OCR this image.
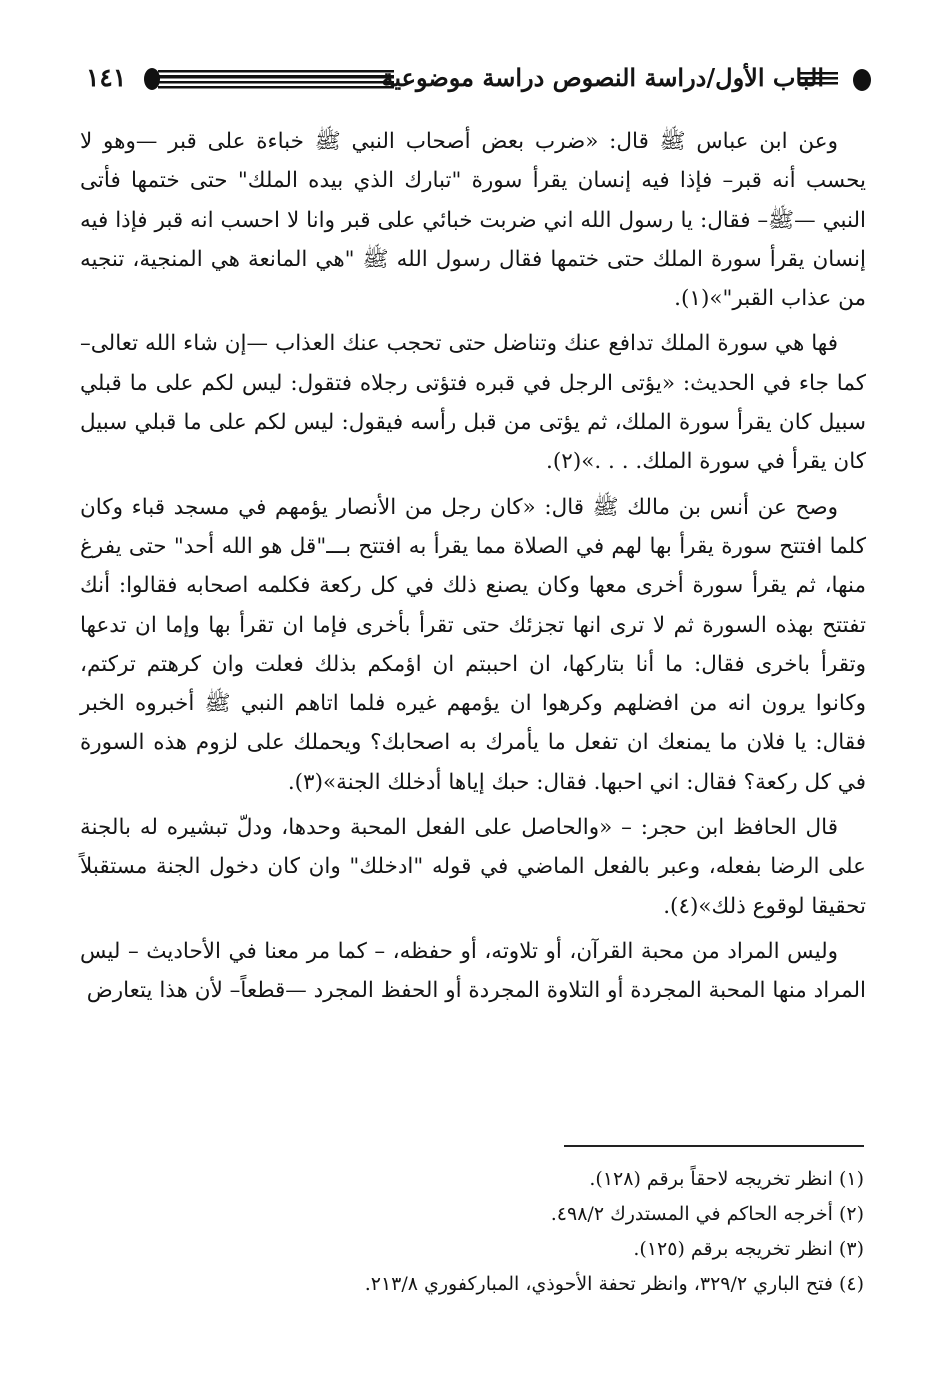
الباب الأول/دراسة النصوص دراسة موضوعية
١٤١

وعن ابن عباس ﷺ قال: «ضرب بعض أصحاب النبي ﷺ خباءة على قبر —وهو لا يحسب أنه قبر– فإذا فيه إنسان يقرأ سورة "تبارك الذي بيده الملك" حتى ختمها فأتى النبي —ﷺ– فقال: يا رسول الله اني ضربت خبائي على قبر وانا لا احسب انه قبر فإذا فيه إنسان يقرأ سورة الملك حتى ختمها فقال رسول الله ﷺ "هي المانعة هي المنجية، تنجيه من عذاب القبر"»(١).

فها هي سورة الملك تدافع عنك وتناضل حتى تحجب عنك العذاب —إن شاء الله تعالى– كما جاء في الحديث: «يؤتى الرجل في قبره فتؤتى رجلاه فتقول: ليس لكم على ما قبلي سبيل كان يقرأ سورة الملك، ثم يؤتى من قبل رأسه فيقول: ليس لكم على ما قبلي سبيل كان يقرأ في سورة الملك. . . .»(٢).

وصح عن أنس بن مالك ﷺ قال: «كان رجل من الأنصار يؤمهم في مسجد قباء وكان كلما افتتح سورة يقرأ بها لهم في الصلاة مما يقرأ به افتتح بـــ"قل هو الله أحد" حتى يفرغ منها، ثم يقرأ سورة أخرى معها وكان يصنع ذلك في كل ركعة فكلمه اصحابه فقالوا: أنك تفتتح بهذه السورة ثم لا ترى انها تجزئك حتى تقرأ بأخرى فإما ان تقرأ بها وإما ان تدعها وتقرأ باخرى فقال: ما أنا بتاركها، ان احببتم ان اؤمكم بذلك فعلت وان كرهتم تركتم، وكانوا يرون انه من افضلهم وكرهوا ان يؤمهم غيره فلما اتاهم النبي ﷺ أخبروه الخبر فقال: يا فلان ما يمنعك ان تفعل ما يأمرك به اصحابك؟ ويحملك على لزوم هذه السورة في كل ركعة؟ فقال: اني احبها. فقال: حبك إياها أدخلك الجنة»(٣).

قال الحافظ ابن حجر: – «والحاصل على الفعل المحبة وحدها، ودلّ تبشيره له بالجنة على الرضا بفعله، وعبر بالفعل الماضي في قوله "ادخلك" وان كان دخول الجنة مستقبلاً تحقيقا لوقوع ذلك»(٤).

وليس المراد من محبة القرآن، أو تلاوته، أو حفظه، – كما مر معنا في الأحاديث – ليس المراد منها المحبة المجردة أو التلاوة المجردة أو الحفظ المجرد —قطعاً– لأن هذا يتعارض

(١) انظر تخريجه لاحقاً برقم (١٢٨).

(٢) أخرجه الحاكم في المستدرك ٤٩٨/٢.

(٣) انظر تخريجه برقم (١٢٥).

(٤) فتح الباري ٣٢٩/٢، وانظر تحفة الأحوذي، المباركفوري ٢١٣/٨.
